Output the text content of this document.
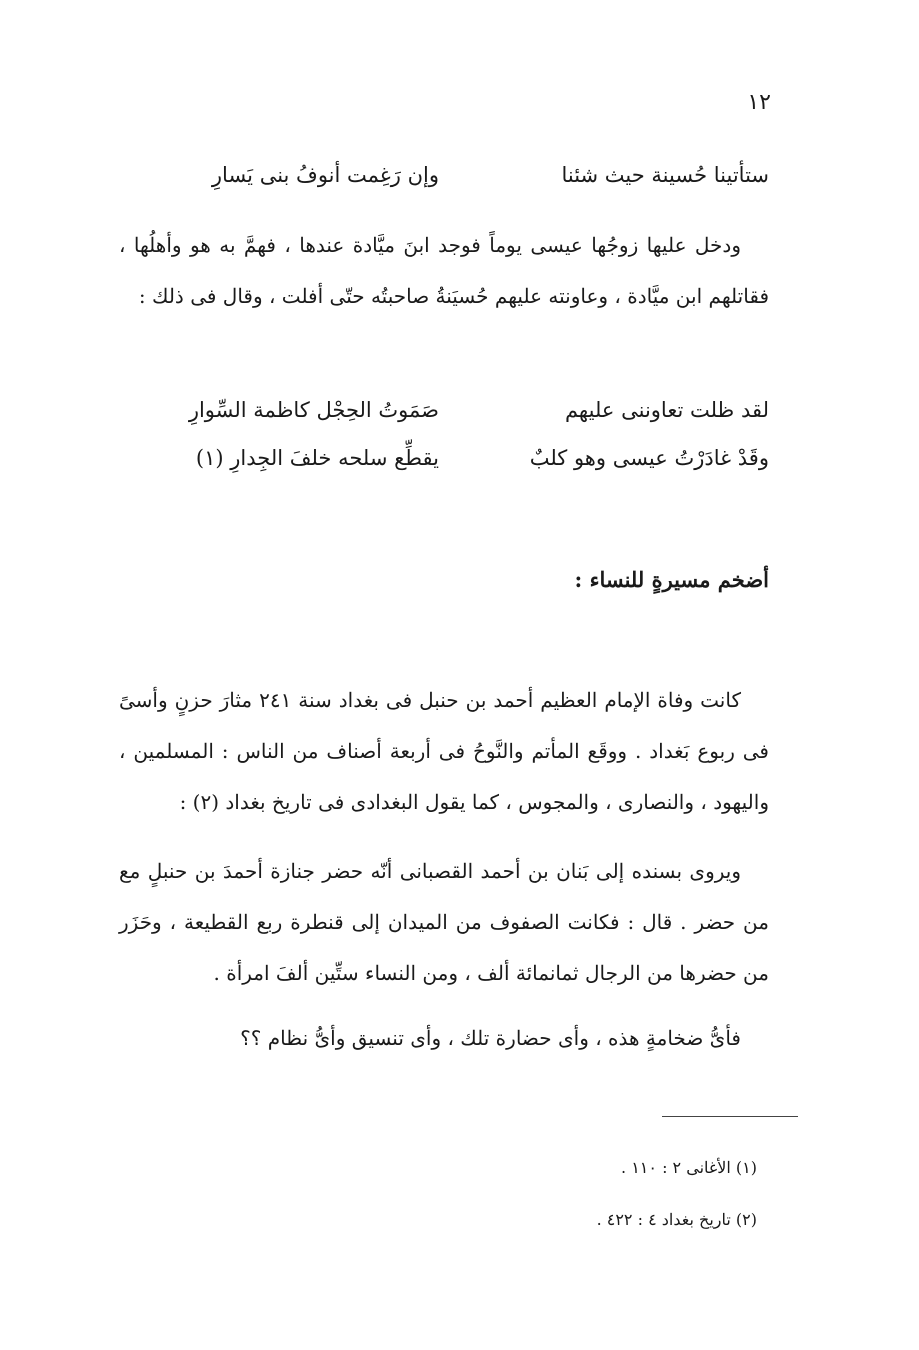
١٢
ستأتينا حُسينة حيث شئنا
وإن رَغِمت أنوفُ بنى يَسارِ

ودخل عليها زوجُها عيسى يوماً فوجد ابنَ ميَّادة عندها ، فهمَّ به هو وأهلُها ، فقاتلهم ابن ميَّادة ، وعاونته عليهم حُسيَنةُ صاحبتُه حتّى أفلت ، وقال فى ذلك :

لقد ظلت تعاوننى عليهم
صَمَوتُ الحِجْل كاظمة السِّوارِ
وقَدْ غادَرْتُ عيسى وهو كلبٌ
يقطِّع سلحه خلفَ الجِدارِ (١)
أضخم مسيرةٍ للنساء :

كانت وفاة الإمام العظيم أحمد بن حنبل فى بغداد سنة ٢٤١ مثارَ حزنٍ وأسىً فى ربوع بَغداد . ووقَع المأتم والنَّوحُ فى أربعة أصناف من الناس : المسلمين ، واليهود ، والنصارى ، والمجوس ، كما يقول البغدادى فى تاريخ بغداد (٢) :

ويروى بسنده إلى بَنان بن أحمد القصبانى أنّه حضر جنازة أحمدَ بن حنبلٍ مع من حضر . قال : فكانت الصفوف من الميدان إلى قنطرة ربع القطيعة ، وحَزَر من حضرها من الرجال ثمانمائة ألف ، ومن النساء ستِّين ألفَ امرأة .

فأىُّ ضخامةٍ هذه ، وأى حضارة تلك ، وأى تنسيق وأىُّ نظام ؟؟

(١) الأغانى ٢ : ١١٠ .
(٢) تاريخ بغداد ٤ : ٤٢٢ .
